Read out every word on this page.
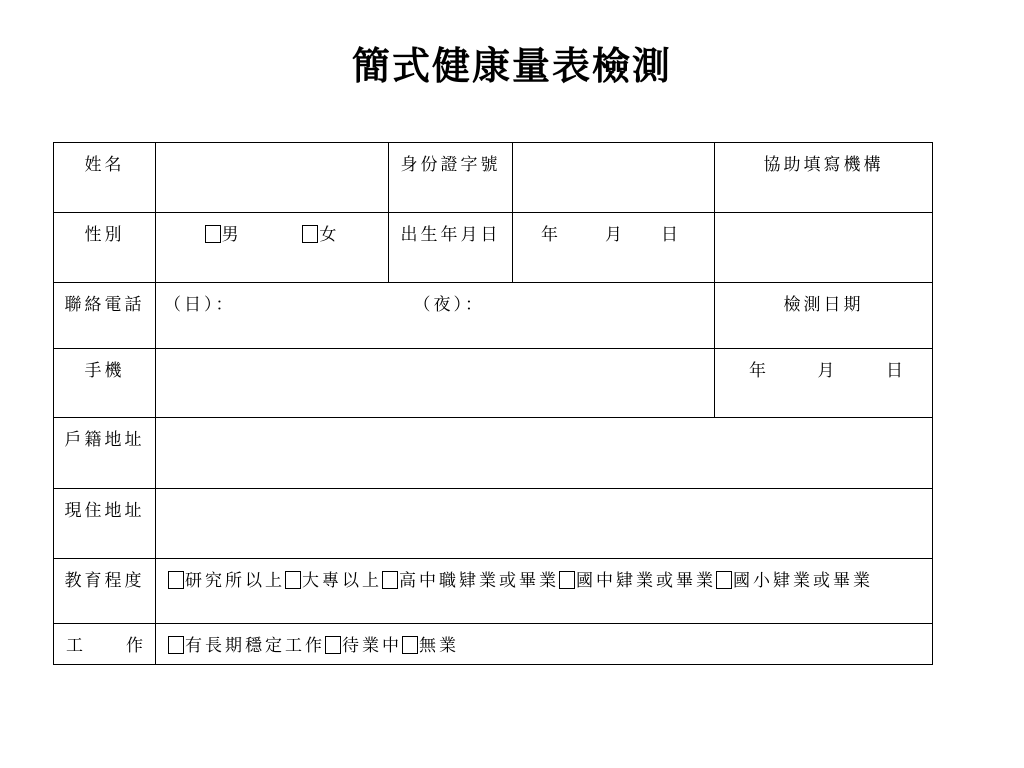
簡式健康量表檢測
姓名		身份證字號		協助填寫機構
性別	男 女	出生年月日	年 月 日	
聯絡電話	（日）： （夜）：			檢測日期
手機				年 月 日

戶籍地址				
現住地址				
教育程度	研究所以上 大專以上 高中職肄業或畢業 國中肄業或畢業 國小肄業或畢業			
工　　作	有長期穩定工作 待業中 無業			
